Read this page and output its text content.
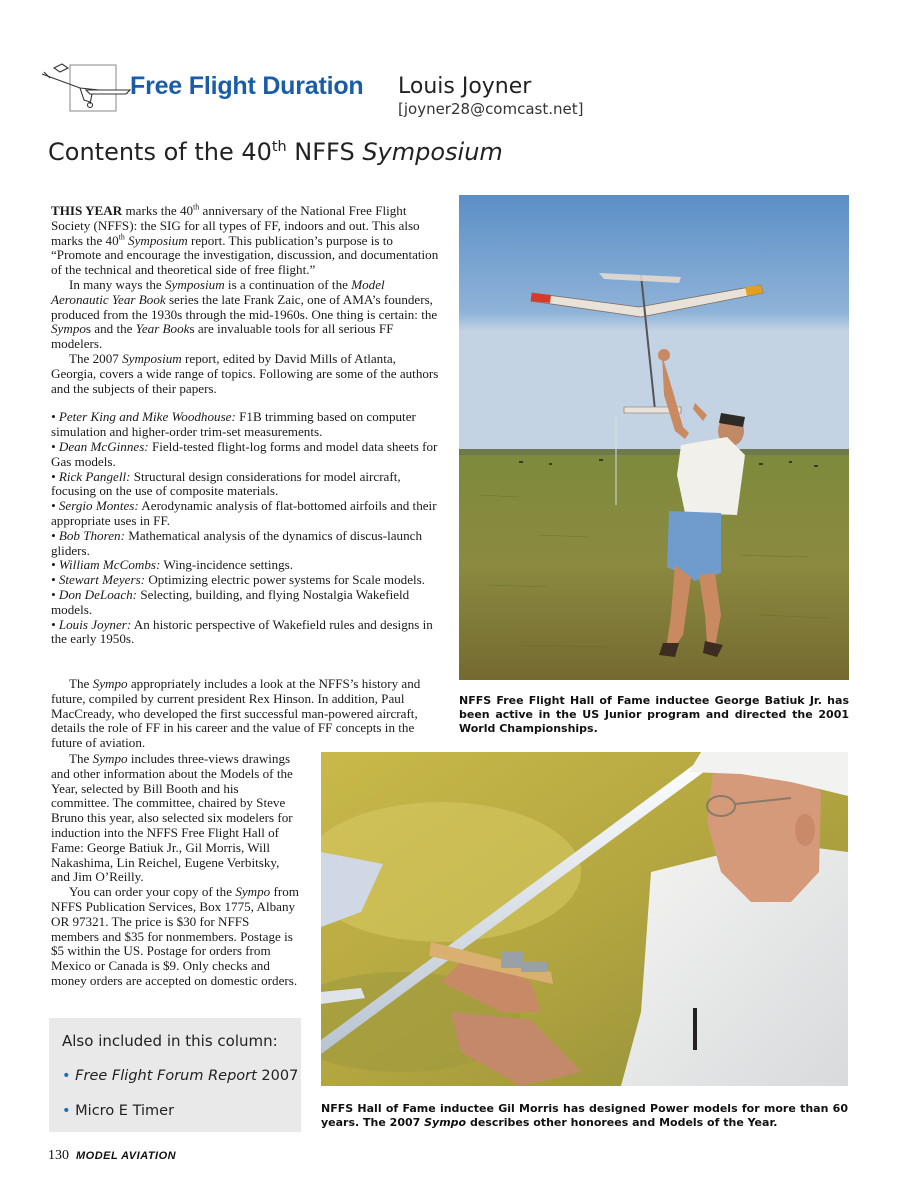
Free Flight Duration Louis Joyner
[joyner28@comcast.net]
Contents of the 40th NFFS Symposium

THIS YEAR marks the 40th anniversary of the National Free Flight Society (NFFS): the SIG for all types of FF, indoors and out. This also marks the 40th Symposium report. This publication’s purpose is to “Promote and encourage the investigation, discussion, and documentation of the technical and theoretical side of free flight.”

In many ways the Symposium is a continuation of the Model Aeronautic Year Book series the late Frank Zaic, one of AMA’s founders, produced from the 1930s through the mid-1960s. One thing is certain: the Sympos and the Year Books are invaluable tools for all serious FF modelers.

The 2007 Symposium report, edited by David Mills of Atlanta, Georgia, covers a wide range of topics. Following are some of the authors and the subjects of their papers.

• Peter King and Mike Woodhouse: F1B trimming based on computer simulation and higher-order trim-set measurements.

• Dean McGinnes: Field-tested flight-log forms and model data sheets for Gas models.

• Rick Pangell: Structural design considerations for model aircraft, focusing on the use of composite materials.

• Sergio Montes: Aerodynamic analysis of flat-bottomed airfoils and their appropriate uses in FF.

• Bob Thoren: Mathematical analysis of the dynamics of discus-launch gliders.

• William McCombs: Wing-incidence settings.

• Stewart Meyers: Optimizing electric power systems for Scale models.

• Don DeLoach: Selecting, building, and flying Nostalgia Wakefield models.

• Louis Joyner: An historic perspective of Wakefield rules and designs in the early 1950s.

The Sympo appropriately includes a look at the NFFS’s history and future, compiled by current president Rex Hinson. In addition, Paul MacCready, who developed the first successful man-powered aircraft, details the role of FF in his career and the value of FF concepts in the future of aviation.

The Sympo includes three-views drawings and other information about the Models of the Year, selected by Bill Booth and his committee. The committee, chaired by Steve Bruno this year, also selected six modelers for induction into the NFFS Free Flight Hall of Fame: George Batiuk Jr., Gil Morris, Will Nakashima, Lin Reichel, Eugene Verbitsky, and Jim O’Reilly.

You can order your copy of the Sympo from NFFS Publication Services, Box 1775, Albany OR 97321. The price is $30 for NFFS members and $35 for nonmembers. Postage is $5 within the US. Postage for orders from Mexico or Canada is $9. Only checks and money orders are accepted on domestic orders.

NFFS Free Flight Hall of Fame inductee George Batiuk Jr. has been active in the US Junior program and directed the 2001 World Championships.
NFFS Hall of Fame inductee Gil Morris has designed Power models for more than 60 years. The 2007 Sympo describes other honorees and Models of the Year.
Also included in this column:
• Free Flight Forum Report 2007
• Micro E Timer
130 MODEL AVIATION
